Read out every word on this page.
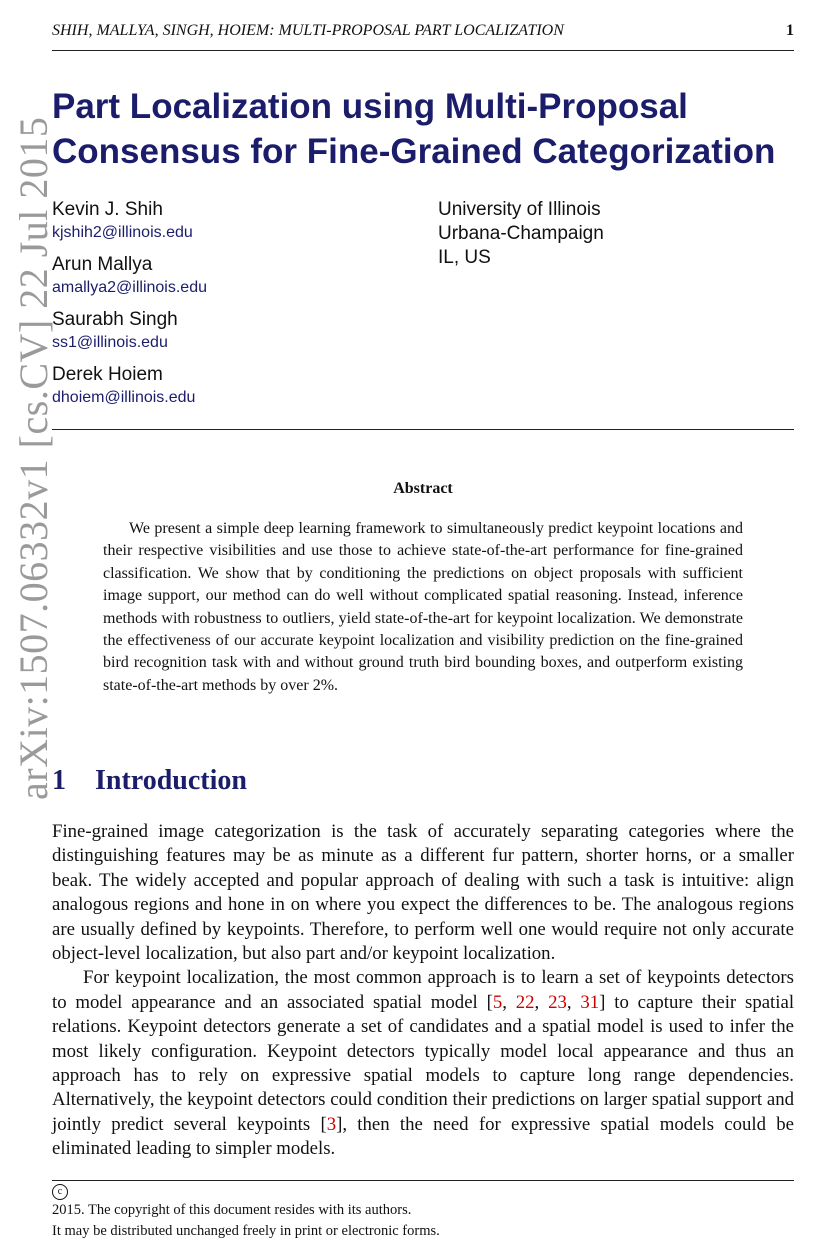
SHIH, MALLYA, SINGH, HOIEM: MULTI-PROPOSAL PART LOCALIZATION	1
arXiv:1507.06332v1 [cs.CV] 22 Jul 2015
Part Localization using Multi-Proposal
Consensus for Fine-Grained Categorization
Kevin J. Shih
kjshih2@illinois.edu
Arun Mallya
amallya2@illinois.edu
Saurabh Singh
ss1@illinois.edu
Derek Hoiem
dhoiem@illinois.edu
University of Illinois
Urbana-Champaign
IL, US
Abstract

We present a simple deep learning framework to simultaneously predict keypoint locations and their respective visibilities and use those to achieve state-of-the-art performance for fine-grained classification. We show that by conditioning the predictions on object proposals with sufficient image support, our method can do well without complicated spatial reasoning. Instead, inference methods with robustness to outliers, yield state-of-the-art for keypoint localization. We demonstrate the effectiveness of our accurate keypoint localization and visibility prediction on the fine-grained bird recognition task with and without ground truth bird bounding boxes, and outperform existing state-of-the-art methods by over 2%.

1 Introduction

Fine-grained image categorization is the task of accurately separating categories where the distinguishing features may be as minute as a different fur pattern, shorter horns, or a smaller beak. The widely accepted and popular approach of dealing with such a task is intuitive: align analogous regions and hone in on where you expect the differences to be. The analogous regions are usually defined by keypoints. Therefore, to perform well one would require not only accurate object-level localization, but also part and/or keypoint localization.

For keypoint localization, the most common approach is to learn a set of keypoints detectors to model appearance and an associated spatial model [5, 22, 23, 31] to capture their spatial relations. Keypoint detectors generate a set of candidates and a spatial model is used to infer the most likely configuration. Keypoint detectors typically model local appearance and thus an approach has to rely on expressive spatial models to capture long range dependencies. Alternatively, the keypoint detectors could condition their predictions on larger spatial support and jointly predict several keypoints [3], then the need for expressive spatial models could be eliminated leading to simpler models.

c
2015. The copyright of this document resides with its authors.
It may be distributed unchanged freely in print or electronic forms.
